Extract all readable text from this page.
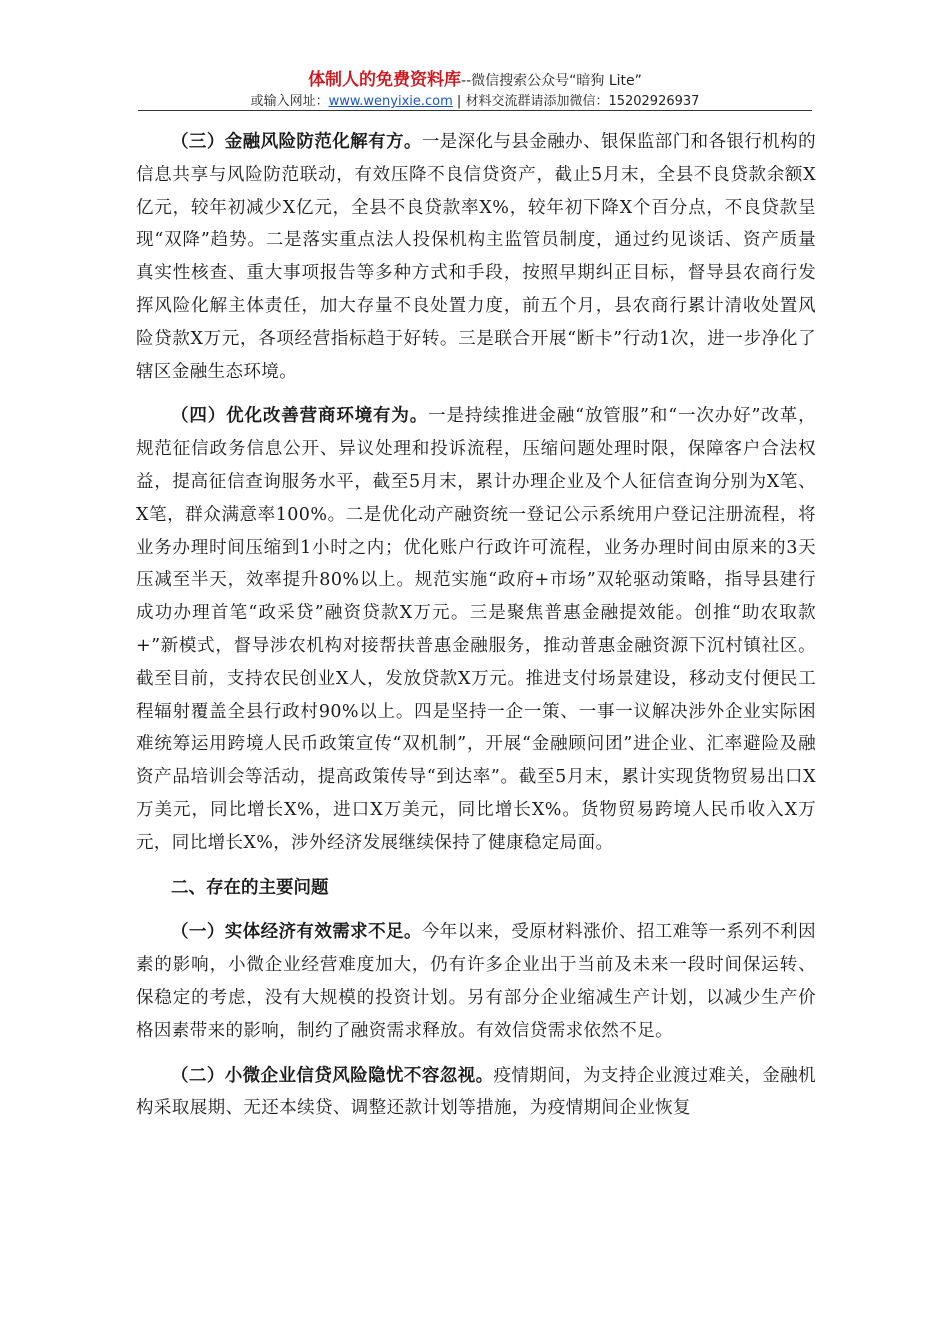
体制人的免费资料库--微信搜索公众号“暗狗 Lite”
或输入网址：www.wenyixie.com | 材料交流群请添加微信：15202926937

（三）金融风险防范化解有方。一是深化与县金融办、银保监部门和各银行机构的信息共享与风险防范联动，有效压降不良信贷资产，截止5月末，全县不良贷款余额X亿元，较年初减少X亿元，全县不良贷款率X%，较年初下降X个百分点，不良贷款呈现“双降”趋势。二是落实重点法人投保机构主监管员制度，通过约见谈话、资产质量真实性核查、重大事项报告等多种方式和手段，按照早期纠正目标，督导县农商行发挥风险化解主体责任，加大存量不良处置力度，前五个月，县农商行累计清收处置风险贷款X万元，各项经营指标趋于好转。三是联合开展“断卡”行动1次，进一步净化了辖区金融生态环境。

（四）优化改善营商环境有为。一是持续推进金融“放管服”和“一次办好”改革，规范征信政务信息公开、异议处理和投诉流程，压缩问题处理时限，保障客户合法权益，提高征信查询服务水平，截至5月末，累计办理企业及个人征信查询分别为X笔、X笔，群众满意率100%。二是优化动产融资统一登记公示系统用户登记注册流程，将业务办理时间压缩到1小时之内；优化账户行政许可流程，业务办理时间由原来的3天压减至半天，效率提升80%以上。规范实施“政府+市场”双轮驱动策略，指导县建行成功办理首笔“政采贷”融资贷款X万元。三是聚焦普惠金融提效能。创推“助农取款+”新模式，督导涉农机构对接帮扶普惠金融服务，推动普惠金融资源下沉村镇社区。截至目前，支持农民创业X人，发放贷款X万元。推进支付场景建设，移动支付便民工程辐射覆盖全县行政村90%以上。四是坚持一企一策、一事一议解决涉外企业实际困难统筹运用跨境人民币政策宣传“双机制”，开展“金融顾问团”进企业、汇率避险及融资产品培训会等活动，提高政策传导“到达率”。截至5月末，累计实现货物贸易出口X万美元，同比增长X%，进口X万美元，同比增长X%。货物贸易跨境人民币收入X万元，同比增长X%，涉外经济发展继续保持了健康稳定局面。

二、存在的主要问题

（一）实体经济有效需求不足。今年以来，受原材料涨价、招工难等一系列不利因素的影响，小微企业经营难度加大，仍有许多企业出于当前及未来一段时间保运转、保稳定的考虑，没有大规模的投资计划。另有部分企业缩减生产计划，以减少生产价格因素带来的影响，制约了融资需求释放。有效信贷需求依然不足。

（二）小微企业信贷风险隐忧不容忽视。疫情期间，为支持企业渡过难关，金融机构采取展期、无还本续贷、调整还款计划等措施，为疫情期间企业恢复
